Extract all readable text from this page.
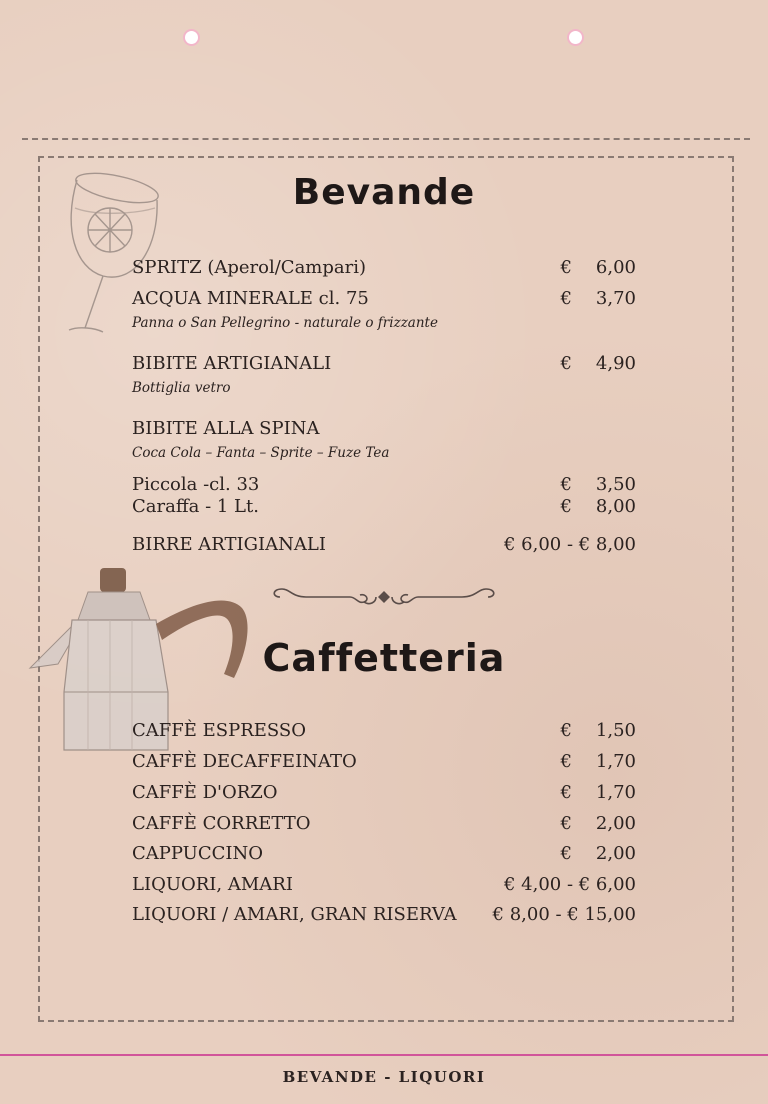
Bevande
SPRITZ (Aperol/Campari)	€ 6,00
ACQUA MINERALE cl. 75	€ 3,70
Panna o San Pellegrino - naturale o frizzante
BIBITE ARTIGIANALI	€ 4,90
Bottiglia vetro
BIBITE ALLA SPINA
Coca Cola – Fanta – Sprite – Fuze Tea
Piccola -cl. 33	€ 3,50
Caraffa - 1 Lt.	€ 8,00
BIRRE ARTIGIANALI	€ 6,00 - € 8,00
Caffetteria
CAFFÈ ESPRESSO	€ 1,50
CAFFÈ DECAFFEINATO	€ 1,70
CAFFÈ D'ORZO	€ 1,70
CAFFÈ CORRETTO	€ 2,00
CAPPUCCINO	€ 2,00
LIQUORI, AMARI	€ 4,00 - € 6,00
LIQUORI / AMARI, GRAN RISERVA € 8,00 - € 15,00
BEVANDE - LIQUORI
